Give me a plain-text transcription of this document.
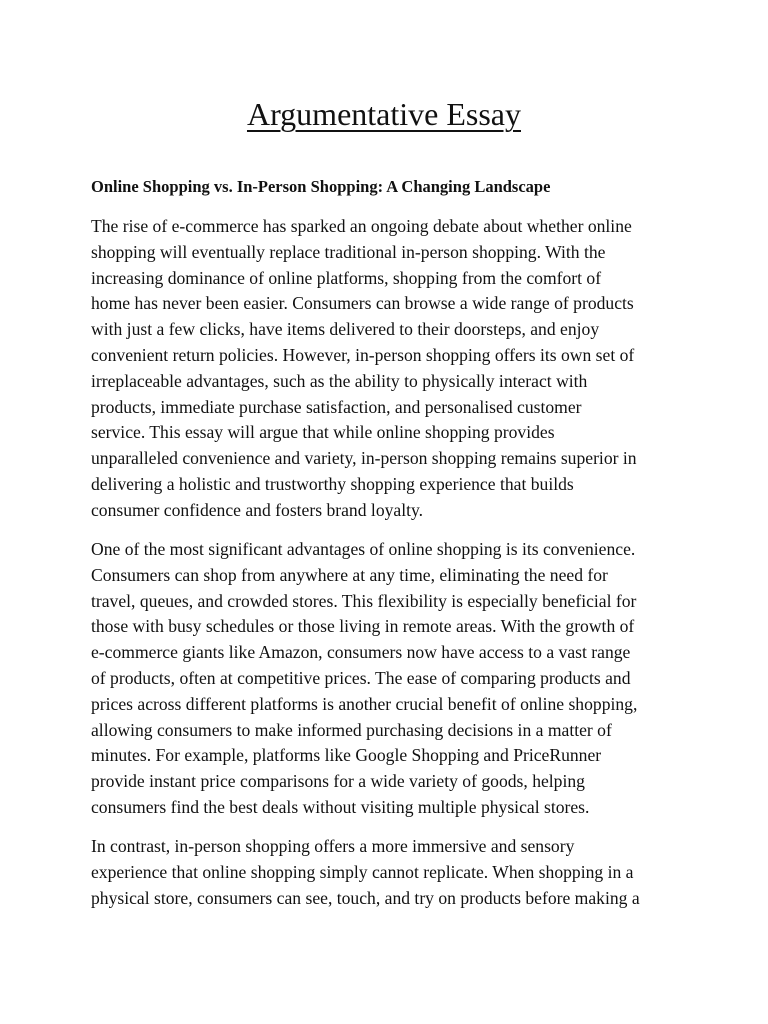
Argumentative Essay

Online Shopping vs. In-Person Shopping: A Changing Landscape

The rise of e-commerce has sparked an ongoing debate about whether online
shopping will eventually replace traditional in-person shopping. With the
increasing dominance of online platforms, shopping from the comfort of
home has never been easier. Consumers can browse a wide range of products
with just a few clicks, have items delivered to their doorsteps, and enjoy
convenient return policies. However, in-person shopping offers its own set of
irreplaceable advantages, such as the ability to physically interact with
products, immediate purchase satisfaction, and personalised customer
service. This essay will argue that while online shopping provides
unparalleled convenience and variety, in-person shopping remains superior in
delivering a holistic and trustworthy shopping experience that builds
consumer confidence and fosters brand loyalty.
One of the most significant advantages of online shopping is its convenience.
Consumers can shop from anywhere at any time, eliminating the need for
travel, queues, and crowded stores. This flexibility is especially beneficial for
those with busy schedules or those living in remote areas. With the growth of
e-commerce giants like Amazon, consumers now have access to a vast range
of products, often at competitive prices. The ease of comparing products and
prices across different platforms is another crucial benefit of online shopping,
allowing consumers to make informed purchasing decisions in a matter of
minutes. For example, platforms like Google Shopping and PriceRunner
provide instant price comparisons for a wide variety of goods, helping
consumers find the best deals without visiting multiple physical stores.
In contrast, in-person shopping offers a more immersive and sensory
experience that online shopping simply cannot replicate. When shopping in a
physical store, consumers can see, touch, and try on products before making a
